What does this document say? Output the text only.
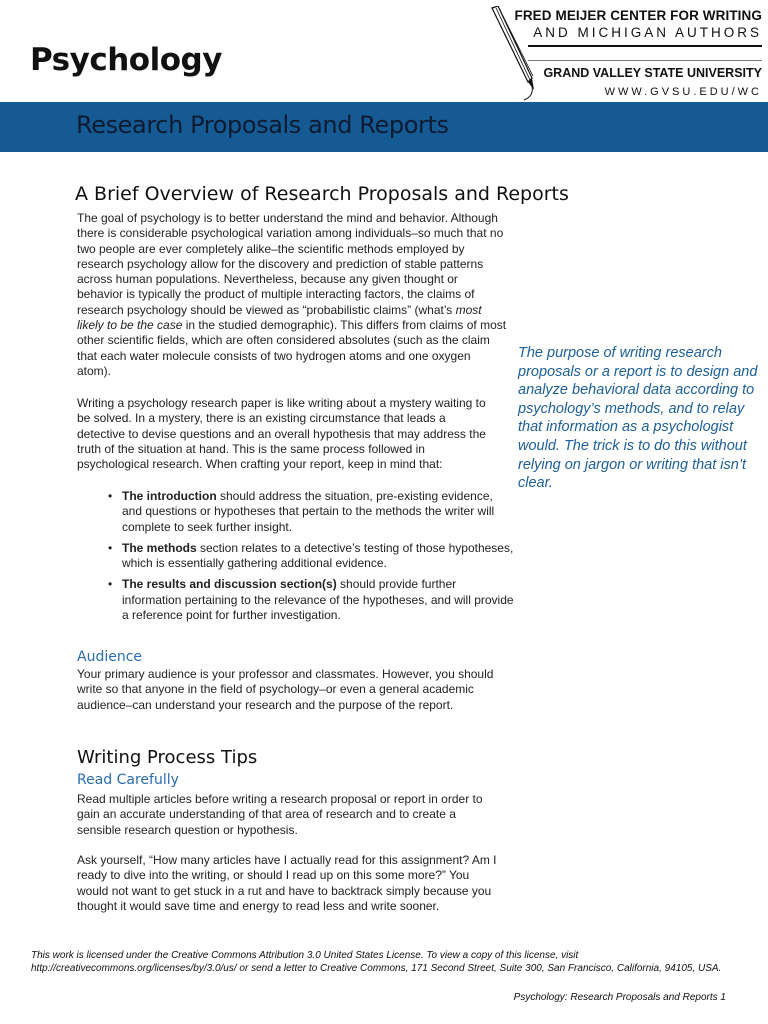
Psychology
FRED MEIJER CENTER FOR WRITING
AND MICHIGAN AUTHORS
GRAND VALLEY STATE UNIVERSITY
WWW.GVSU.EDU/WC
Research Proposals and Reports
A Brief Overview of Research Proposals and Reports
The goal of psychology is to better understand the mind and behavior. Although there is considerable psychological variation among individuals–so much that no two people are ever completely alike–the scientific methods employed by research psychology allow for the discovery and prediction of stable patterns across human populations. Nevertheless, because any given thought or behavior is typically the product of multiple interacting factors, the claims of research psychology should be viewed as “probabilistic claims” (what’s most likely to be the case in the studied demographic). This differs from claims of most other scientific fields, which are often considered absolutes (such as the claim that each water molecule consists of two hydrogen atoms and one oxygen atom).
Writing a psychology research paper is like writing about a mystery waiting to be solved. In a mystery, there is an existing circumstance that leads a detective to devise questions and an overall hypothesis that may address the truth of the situation at hand. This is the same process followed in psychological research. When crafting your report, keep in mind that:
• The introduction should address the situation, pre-existing evidence, and questions or hypotheses that pertain to the methods the writer will complete to seek further insight.
• The methods section relates to a detective’s testing of those hypotheses, which is essentially gathering additional evidence.
• The results and discussion section(s) should provide further information pertaining to the relevance of the hypotheses, and will provide a reference point for further investigation.
The purpose of writing research proposals or a report is to design and analyze behavioral data according to psychology’s methods, and to relay that information as a psychologist would. The trick is to do this without relying on jargon or writing that isn’t clear.
Audience
Your primary audience is your professor and classmates. However, you should write so that anyone in the field of psychology–or even a general academic audience–can understand your research and the purpose of the report.
Writing Process Tips
Read Carefully
Read multiple articles before writing a research proposal or report in order to gain an accurate understanding of that area of research and to create a sensible research question or hypothesis.
Ask yourself, “How many articles have I actually read for this assignment? Am I ready to dive into the writing, or should I read up on this some more?” You would not want to get stuck in a rut and have to backtrack simply because you thought it would save time and energy to read less and write sooner.
This work is licensed under the Creative Commons Attribution 3.0 United States License. To view a copy of this license, visit http://creativecommons.org/licenses/by/3.0/us/ or send a letter to Creative Commons, 171 Second Street, Suite 300, San Francisco, California, 94105, USA.
Psychology: Research Proposals and Reports 1
